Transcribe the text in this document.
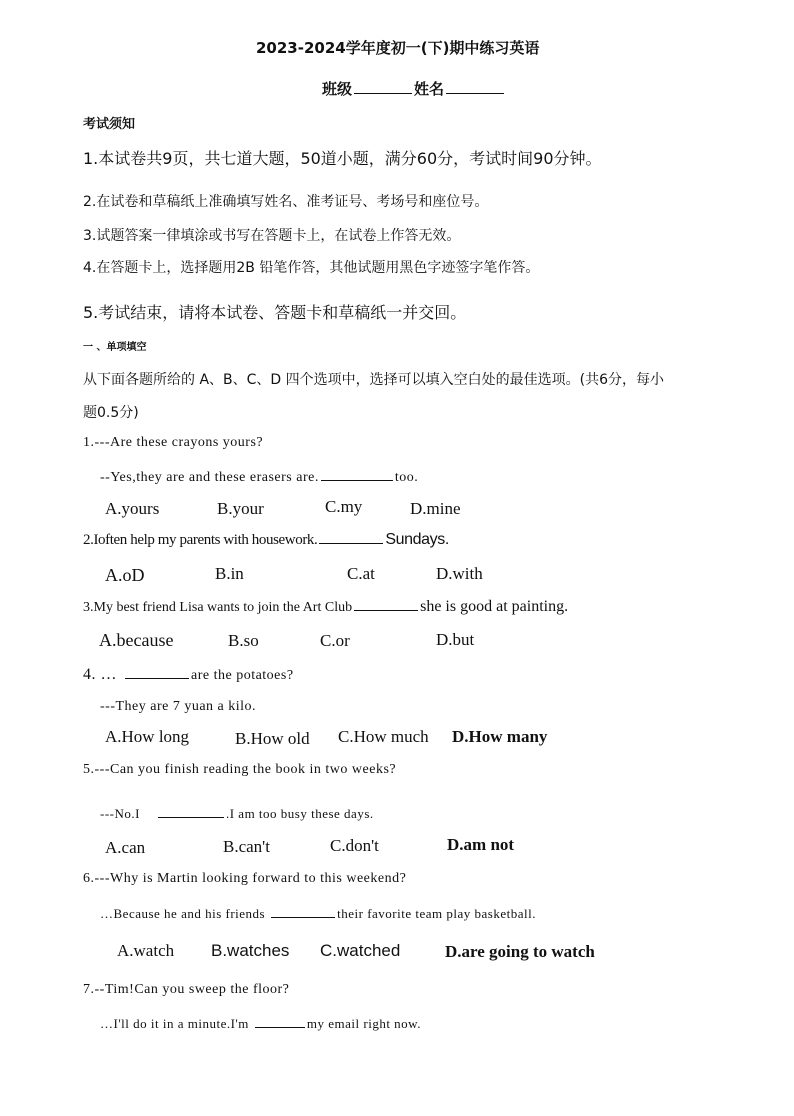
2023-2024学年度初一(下)期中练习英语
班级	姓名
考试须知
1.本试卷共9页，共七道大题，50道小题，满分60分，考试时间90分钟。
2.在试卷和草稿纸上准确填写姓名、准考证号、考场号和座位号。
3.试题答案一律填涂或书写在答题卡上，在试卷上作答无效。
4.在答题卡上，选择题用2B 铅笔作答，其他试题用黑色字迹签字笔作答。
5.考试结束，请将本试卷、答题卡和草稿纸一并交回。
一 、单项填空
从下面各题所给的 A、B、C、D 四个选项中，选择可以填入空白处的最佳选项。(共6分，每小
题0.5分)
1.---Are these crayons yours?
--Yes,they are and these erasers are.	too.
A.yours	B.your	C.my	D.mine
2.Ioften help my parents with housework.	Sundays.
A.oD	B.in	C.at	D.with
3.My best friend Lisa wants to join the Art Club	she is good at painting.
A.because	B.so	C.or	D.but
4. …	are the potatoes?
---They are 7 yuan a kilo.
A.How long	B.How old C.How much D.How many
5.---Can you finish reading the book in two weeks?
---No.I	.I am too busy these days.
A.can	B.can't	C.don't	D.am not
6.---Why is Martin looking forward to this weekend?
…Because he and his friends	their favorite team play basketball.
A.watch B.watches C.watched	D.are going to watch
7.--Tim!Can you sweep the floor?
…I'll do it in a minute.I'm	my email right now.
